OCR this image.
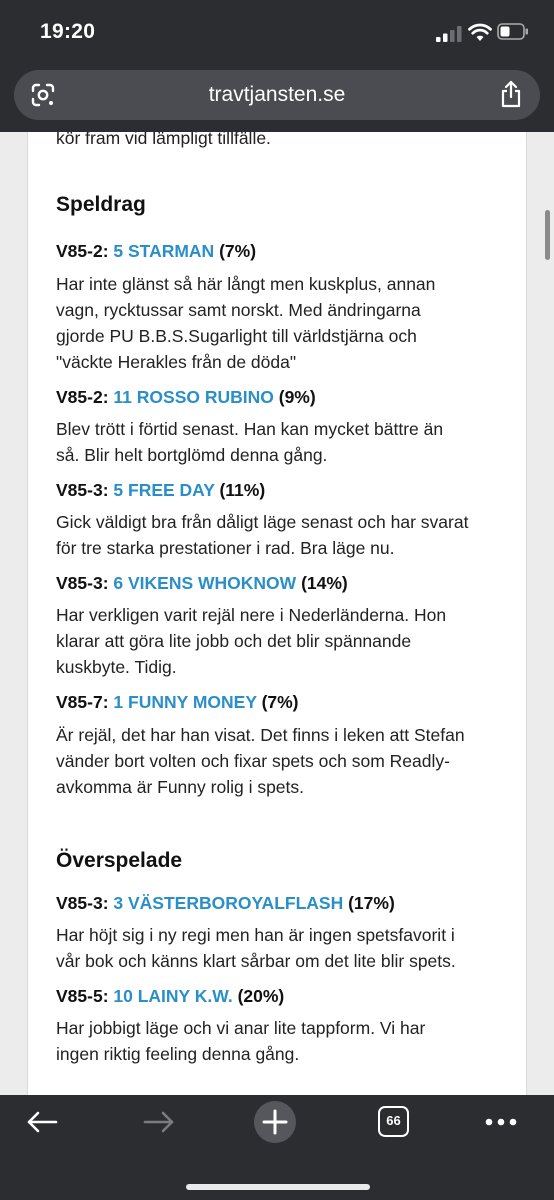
19:20
travtjansten.se
kör fram vid lämpligt tillfälle.
Speldrag
V85-2: 5 STARMAN (7%)
Har inte glänst så här långt men kuskplus, annan
vagn, rycktussar samt norskt. Med ändringarna
gjorde PU B.B.S.Sugarlight till världstjärna och
"väckte Herakles från de döda"
V85-2: 11 ROSSO RUBINO (9%)
Blev trött i förtid senast. Han kan mycket bättre än
så. Blir helt bortglömd denna gång.
V85-3: 5 FREE DAY (11%)
Gick väldigt bra från dåligt läge senast och har svarat
för tre starka prestationer i rad. Bra läge nu.
V85-3: 6 VIKENS WHOKNOW (14%)
Har verkligen varit rejäl nere i Nederländerna. Hon
klarar att göra lite jobb och det blir spännande
kuskbyte. Tidig.
V85-7: 1 FUNNY MONEY (7%)
Är rejäl, det har han visat. Det finns i leken att Stefan
vänder bort volten och fixar spets och som Readly-
avkomma är Funny rolig i spets.
Överspelade
V85-3: 3 VÄSTERBOROYALFLASH (17%)
Har höjt sig i ny regi men han är ingen spetsfavorit i
vår bok och känns klart sårbar om det lite blir spets.
V85-5: 10 LAINY K.W. (20%)
Har jobbigt läge och vi anar lite tappform. Vi har
ingen riktig feeling denna gång.
66
